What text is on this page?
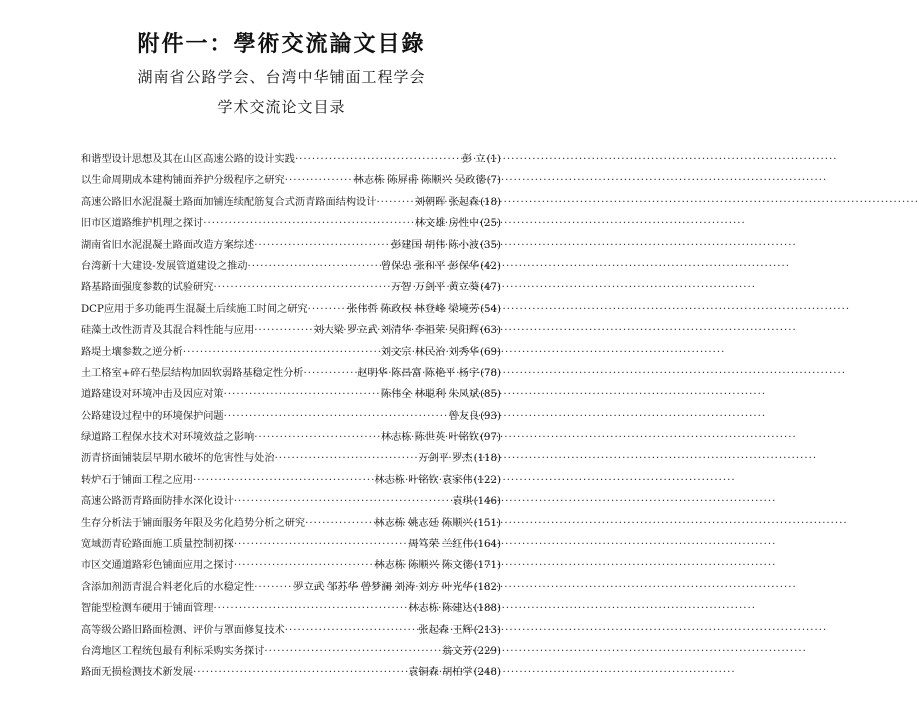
附件一：學術交流論文目錄
湖南省公路学会、台湾中华铺面工程学会
学术交流论文目录
和谐型设计思想及其在山区高速公路的设计实践 ·····	彭 立 (1)
以生命周期成本建构铺面养护分级程序之研究 ·····	林志栋 陈屏甫 陈顺兴 吴政德 (7)
高速公路旧水泥混凝土路面加铺连续配筋复合式沥青路面结构设计 ·····	刘朝晖 张起森 (18)
旧市区道路维护机理之探讨 ·····	林文雄 房性中 (25)
湖南省旧水泥混凝土路面改造方案综述 ·····	彭建国 胡伟 陈小波 (35)
台湾新十大建设-发展管道建设之推动 ·····	曾保忠 张和平 彭保华 (42)
路基路面强度参数的试验研究 ·····	万智 万剑平 黄立葵 (47)
DCP应用于多功能再生混凝土后续施工时间之研究 ·····	张伟哲 陈政权 林登峰 梁境芳 (54)
硅藻土改性沥青及其混合料性能与应用 ·····	刘大梁 罗立武 刘清华 李祖荣 吴阳辉 (63)
路堤土壤参数之逆分析 ·····	刘文宗 林民治 刘秀华 (69)
土工格室+碎石垫层结构加固软弱路基稳定性分析 ·····	赵明华 陈昌富 陈艳平 杨宇 (78)
道路建设对环境冲击及因应对策 ·····	陈伟全 林聪利 朱凤斌 (85)
公路建设过程中的环境保护问题 ·····	曾友良 (93)
绿道路工程保水技术对环境效益之影响 ·····	林志栋 陈世英 叶铭钦 (97)
沥青挤面铺装层早期水破坏的危害性与处治 ·····	万剑平 罗杰 (118)
转炉石于铺面工程之应用 ·····	林志栋 叶铭钦 袁家伟 (122)
高速公路沥青路面防排水深化设计 ·····	袁琪 (146)
生存分析法于铺面服务年限及劣化趋势分析之研究 ·····	林志栋 姚志廷 陈顺兴 (151)
宽域沥青砼路面施工质量控制初探 ·····	周笃荣 兰红伟 (164)
市区交通道路彩色铺面应用之探讨 ·····	林志栋 陈顺兴 陈文德 (171)
含添加剂沥青混合料老化后的水稳定性 ·····	罗立武 邹苏华 曾梦澜 刘涛 刘方 叶光华 (182)
智能型检测车硬用于铺面管理 ·····	林志栋 陈建达 (188)
高等级公路旧路面检测、评价与罩面修复技术 ·····	张起森 王辉 (213)
台湾地区工程统包最有利标采购实务探讨 ·····	翁文芳 (229)
路面无损检测技术新发展 ·····	袁铜森 胡柏学 (248)
